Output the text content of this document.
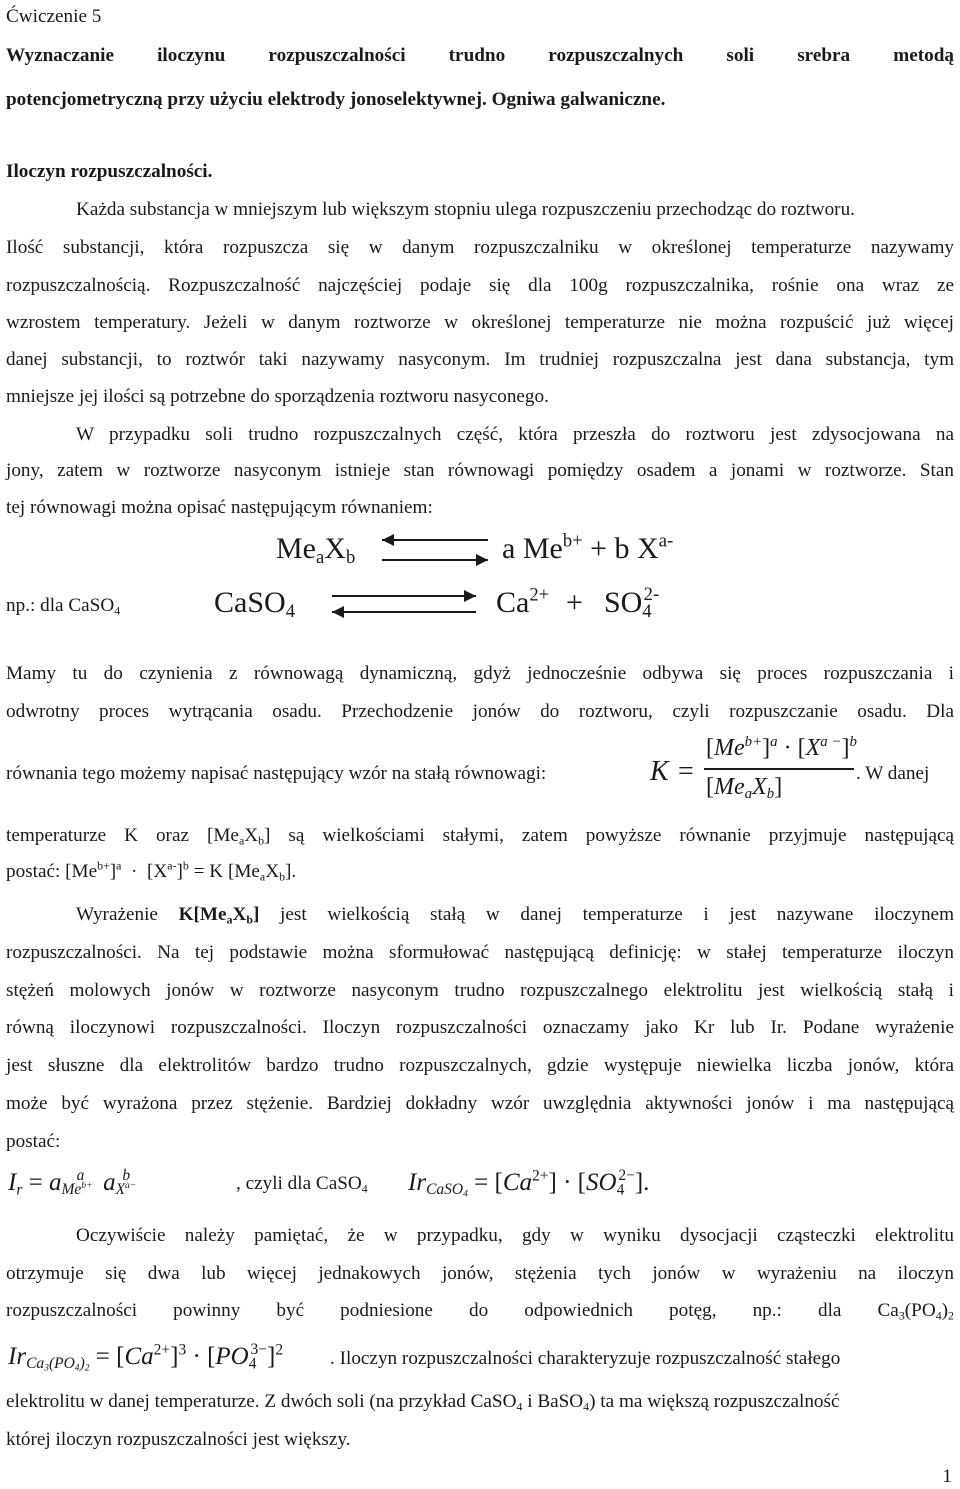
Ćwiczenie 5
Wyznaczanie iloczynu rozpuszczalności trudno rozpuszczalnych soli srebra metodą
potencjometryczną przy użyciu elektrody jonoselektywnej. Ogniwa galwaniczne.
Iloczyn rozpuszczalności.
Każda substancja w mniejszym lub większym stopniu ulega rozpuszczeniu przechodząc do roztworu.
Ilość substancji, która rozpuszcza się w danym rozpuszczalniku w określonej temperaturze nazywamy
rozpuszczalnością. Rozpuszczalność najczęściej podaje się dla 100g rozpuszczalnika, rośnie ona wraz ze
wzrostem temperatury. Jeżeli w danym roztworze w określonej temperaturze nie można rozpuścić już więcej
danej substancji, to roztwór taki nazywamy nasyconym. Im trudniej rozpuszczalna jest dana substancja, tym
mniejsze jej ilości są potrzebne do sporządzenia roztworu nasyconego.
W przypadku soli trudno rozpuszczalnych część, która przeszła do roztworu jest zdysocjowana na
jony, zatem w roztworze nasyconym istnieje stan równowagi pomiędzy osadem a jonami w roztworze. Stan
tej równowagi można opisać następującym równaniem:
$Me_aX_b$	a $Me^{b+} + b$ $X^{a-}$
np.: dla CaSO$_4$	CaSO$_4$	$Ca^{2+} + SO_4^{2-}$
Mamy tu do czynienia z równowagą dynamiczną, gdyż jednocześnie odbywa się proces rozpuszczania i
odwrotny proces wytrącania osadu. Przechodzenie jonów do roztworu, czyli rozpuszczanie osadu. Dla
równania tego możemy napisać następujący wzór na stałą równowagi:	K =
$[Me^{b+}]^a \cdot [X^{a -}]^b$
$[Me_aX_b]$
. W danej
temperaturze K oraz $[Me_aX_b]$ są wielkościami stałymi, zatem powyższe równanie przyjmuje następującą
postać: $[Me^{b+}]^a \cdot [X^{a-}]^b = K$ $[Me_aX_b]$.
Wyrażenie $K[Me_aX_b]$ jest wielkością stałą w danej temperaturze i jest nazywane iloczynem
rozpuszczalności. Na tej podstawie można sformułować następującą definicję: w stałej temperaturze iloczyn
stężeń molowych jonów w roztworze nasyconym trudno rozpuszczalnego elektrolitu jest wielkością stałą i
równą iloczynowi rozpuszczalności. Iloczyn rozpuszczalności oznaczamy jako Kr lub Ir. Podane wyrażenie
jest słuszne dla elektrolitów bardzo trudno rozpuszczalnych, gdzie występuje niewielka liczba jonów, która
może być wyrażona przez stężenie. Bardziej dokładny wzór uwzględnia aktywności jonów i ma następującą
postać:
$I_r = a_{Me^{b+}}^a$ $a_{X^{a-}}^b$	, czyli dla CaSO$_4$ $Ir_{CaSO_4} = [Ca^{2+}] \cdot [SO_4^{2-}]$.
Oczywiście należy pamiętać, że w przypadku, gdy w wyniku dysocjacji cząsteczki elektrolitu
otrzymuje się dwa lub więcej jednakowych jonów, stężenia tych jonów w wyrażeniu na iloczyn
rozpuszczalności powinny być podniesione do odpowiednich potęg, np.: dla $Ca_3(PO_4)_2$
$Ir_{Ca_3(PO_4)_2} = [Ca^{2+}]^3 \cdot [PO_4^{3-}]^2$ . Iloczyn rozpuszczalności charakteryzuje rozpuszczalność stałego
elektrolitu w danej temperaturze. Z dwóch soli (na przykład CaSO$_4$ i BaSO$_4$) ta ma większą rozpuszczalność
której iloczyn rozpuszczalności jest większy.
1
